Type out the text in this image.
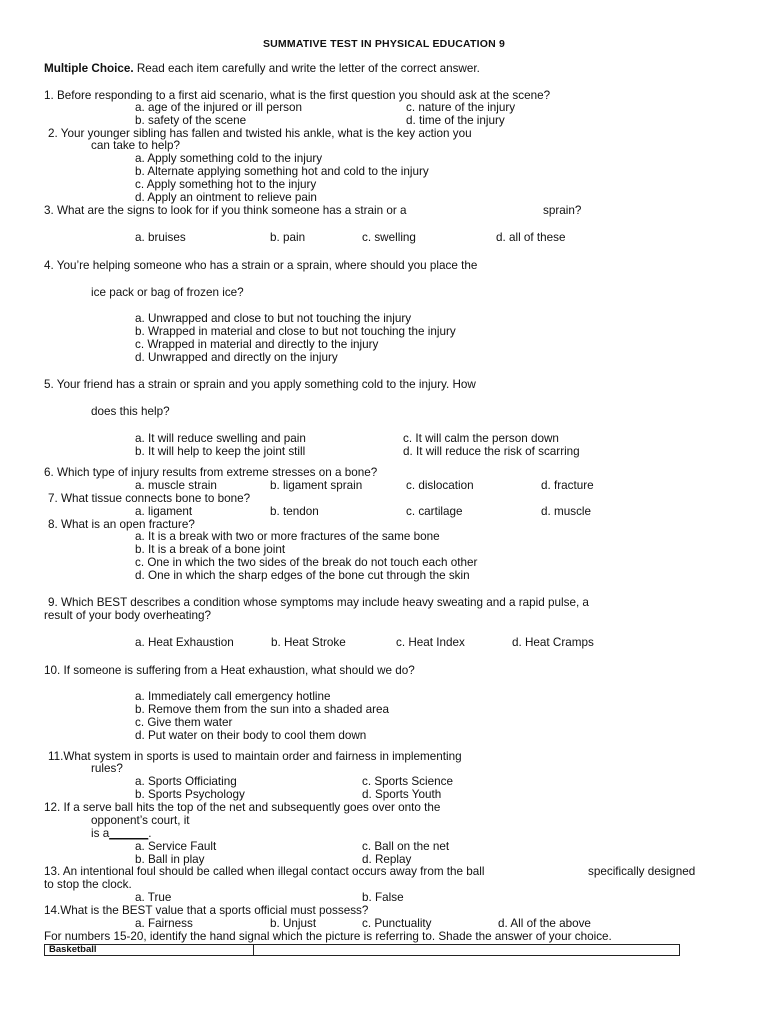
SUMMATIVE TEST IN PHYSICAL EDUCATION 9
Multiple Choice. Read each item carefully and write the letter of the correct answer.
1. Before responding to a first aid scenario, what is the first question you should ask at the scene?
a. age of the injured or ill person	c. nature of the injury
b. safety of the scene	d. time of the injury
2. Your younger sibling has fallen and twisted his ankle, what is the key action you
can take to help?
a. Apply something cold to the injury
b. Alternate applying something hot and cold to the injury
c. Apply something hot to the injury
d. Apply an ointment to relieve pain
3. What are the signs to look for if you think someone has a strain or a	sprain?
a. bruises	b. pain	c. swelling	d. all of these
4. You’re helping someone who has a strain or a sprain, where should you place the
ice pack or bag of frozen ice?
a. Unwrapped and close to but not touching the injury
b. Wrapped in material and close to but not touching the injury
c. Wrapped in material and directly to the injury
d. Unwrapped and directly on the injury
5. Your friend has a strain or sprain and you apply something cold to the injury. How
does this help?
a. It will reduce swelling and pain	c. It will calm the person down
b. It will help to keep the joint still	d. It will reduce the risk of scarring
6. Which type of injury results from extreme stresses on a bone?
a. muscle strain	b. ligament sprain	c. dislocation	d. fracture
7. What tissue connects bone to bone?
a. ligament	b. tendon	c. cartilage	d. muscle
8. What is an open fracture?
a. It is a break with two or more fractures of the same bone
b. It is a break of a bone joint
c. One in which the two sides of the break do not touch each other
d. One in which the sharp edges of the bone cut through the skin
9. Which BEST describes a condition whose symptoms may include heavy sweating and a rapid pulse, a
result of your body overheating?
a. Heat Exhaustion	b. Heat Stroke	c. Heat Index	d. Heat Cramps
10. If someone is suffering from a Heat exhaustion, what should we do?
a. Immediately call emergency hotline
b. Remove them from the sun into a shaded area
c. Give them water
d. Put water on their body to cool them down
11.What system in sports is used to maintain order and fairness in implementing
rules?
a. Sports Officiating	c. Sports Science
b. Sports Psychology	d. Sports Youth
12. If a serve ball hits the top of the net and subsequently goes over onto the
opponent’s court, it
is a______.
a. Service Fault	c. Ball on the net
b. Ball in play	d. Replay
13. An intentional foul should be called when illegal contact occurs away from the ball	specifically designed
to stop the clock.
a. True	b. False
14.What is the BEST value that a sports official must possess?
a. Fairness	b. Unjust	c. Punctuality	d. All of the above
For numbers 15-20, identify the hand signal which the picture is referring to. Shade the answer of your choice.
Basketball	
